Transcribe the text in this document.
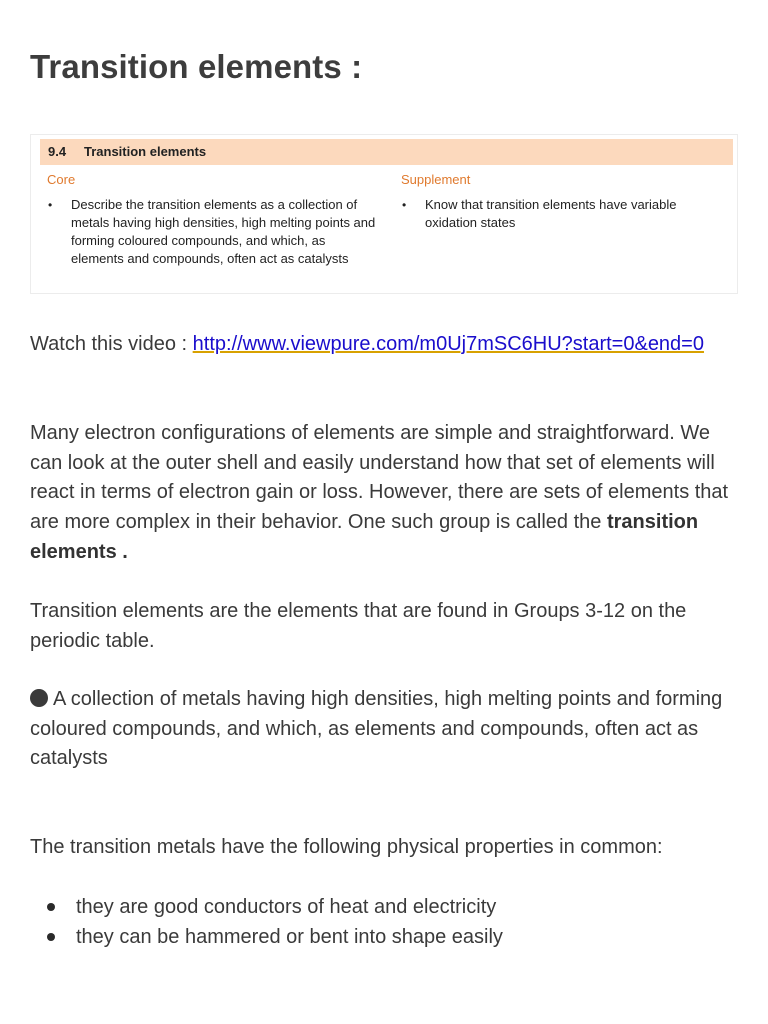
Transition elements :
9.4 Transition elements
Core
• Describe the transition elements as a collection of metals having high densities, high melting points and forming coloured compounds, and which, as elements and compounds, often act as catalysts
Supplement
• Know that transition elements have variable oxidation states

Watch this video : http://www.viewpure.com/m0Uj7mSC6HU?start=0&end=0

Many electron configurations of elements are simple and straightforward. We can look at the outer shell and easily understand how that set of elements will react in terms of electron gain or loss. However, there are sets of elements that are more complex in their behavior. One such group is called the transition elements .

Transition elements are the elements that are found in Groups 3-12 on the periodic table.

A collection of metals having high densities, high melting points and forming coloured compounds, and which, as elements and compounds, often act as catalysts

The transition metals have the following physical properties in common:

they are good conductors of heat and electricity
they can be hammered or bent into shape easily
